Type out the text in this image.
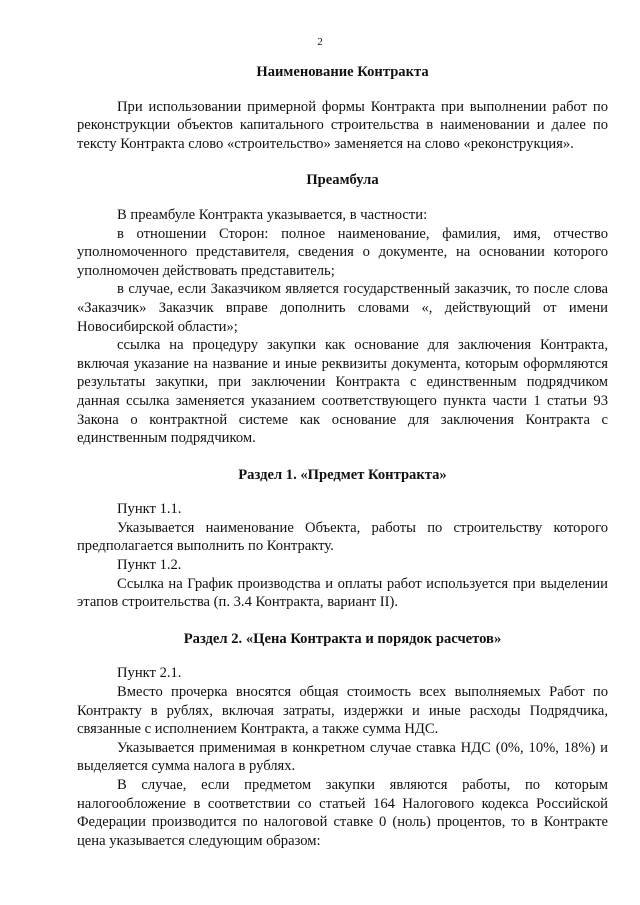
2
Наименование Контракта

При использовании примерной формы Контракта при выполнении работ по реконструкции объектов капитального строительства в наименовании и далее по тексту Контракта слово «строительство» заменяется на слово «реконструкция».

Преамбула

В преамбуле Контракта указывается, в частности:

в отношении Сторон: полное наименование, фамилия, имя, отчество уполномоченного представителя, сведения о документе, на основании которого уполномочен действовать представитель;

в случае, если Заказчиком является государственный заказчик, то после слова «Заказчик» Заказчик вправе дополнить словами «, действующий от имени Новосибирской области»;

ссылка на процедуру закупки как основание для заключения Контракта, включая указание на название и иные реквизиты документа, которым оформляются результаты закупки, при заключении Контракта с единственным подрядчиком данная ссылка заменяется указанием соответствующего пункта части 1 статьи 93 Закона о контрактной системе как основание для заключения Контракта с единственным подрядчиком.

Раздел 1. «Предмет Контракта»

Пункт 1.1.

Указывается наименование Объекта, работы по строительству которого предполагается выполнить по Контракту.

Пункт 1.2.

Ссылка на График производства и оплаты работ используется при выделении этапов строительства (п. 3.4 Контракта, вариант II).

Раздел 2. «Цена Контракта и порядок расчетов»

Пункт 2.1.

Вместо прочерка вносятся общая стоимость всех выполняемых Работ по Контракту в рублях, включая затраты, издержки и иные расходы Подрядчика, связанные с исполнением Контракта, а также сумма НДС.

Указывается применимая в конкретном случае ставка НДС (0%, 10%, 18%) и выделяется сумма налога в рублях.

В случае, если предметом закупки являются работы, по которым налогообложение в соответствии со статьей 164 Налогового кодекса Российской Федерации производится по налоговой ставке 0 (ноль) процентов, то в Контракте цена указывается следующим образом:
